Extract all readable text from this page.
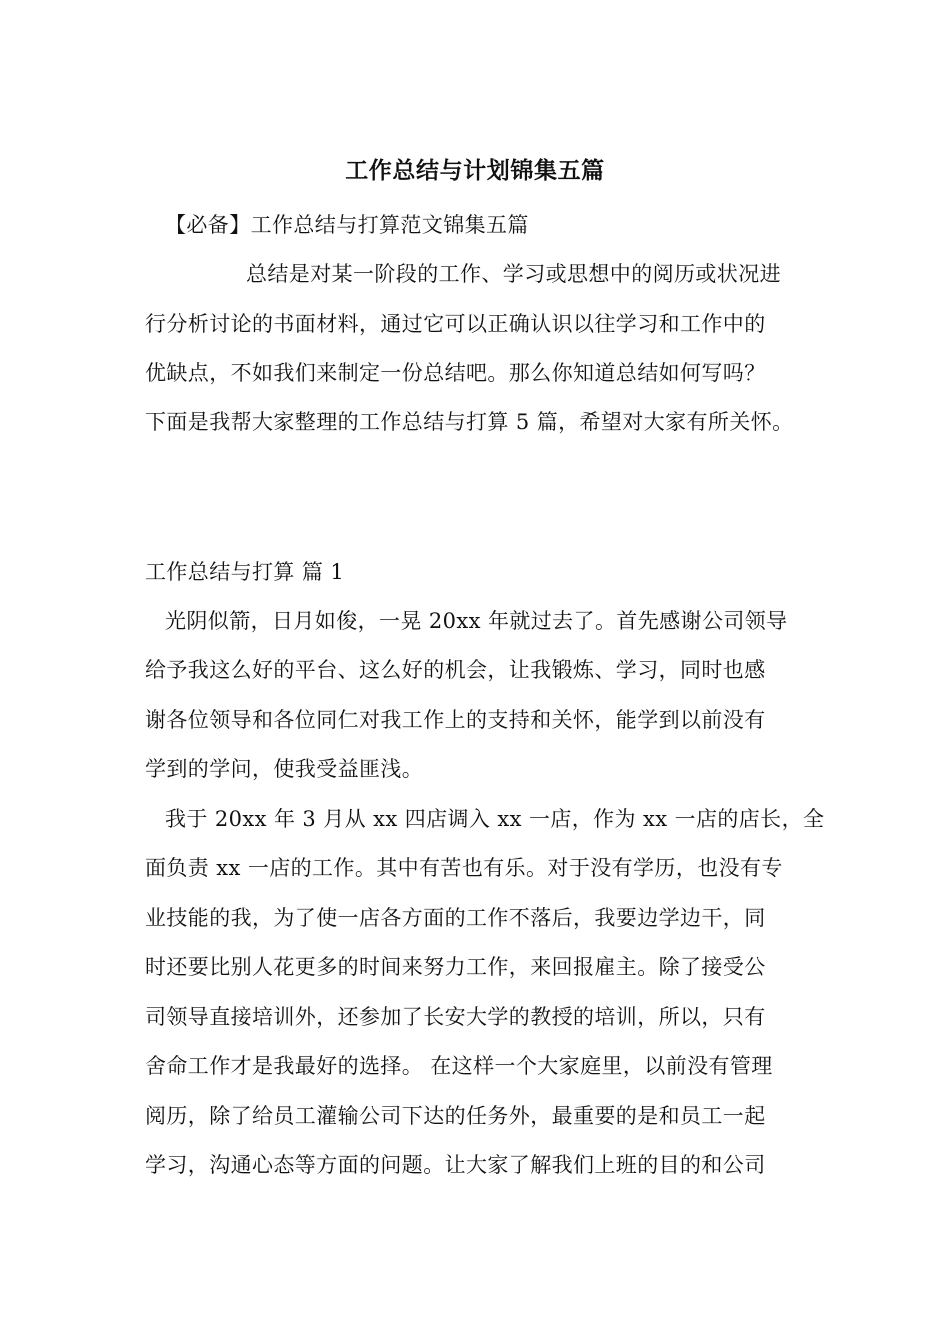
工作总结与计划锦集五篇
【必备】工作总结与打算范文锦集五篇
总结是对某一阶段的工作、学习或思想中的阅历或状况进
行分析讨论的书面材料，通过它可以正确认识以往学习和工作中的
优缺点，不如我们来制定一份总结吧。那么你知道总结如何写吗？
下面是我帮大家整理的工作总结与打算 5 篇，希望对大家有所关怀。
工作总结与打算 篇 1
光阴似箭，日月如俊，一晃 20xx 年就过去了。首先感谢公司领导
给予我这么好的平台、这么好的机会，让我锻炼、学习，同时也感
谢各位领导和各位同仁对我工作上的支持和关怀，能学到以前没有
学到的学问，使我受益匪浅。
我于 20xx 年 3 月从 xx 四店调入 xx 一店，作为 xx 一店的店长，全
面负责 xx 一店的工作。其中有苦也有乐。对于没有学历，也没有专
业技能的我，为了使一店各方面的工作不落后，我要边学边干，同
时还要比别人花更多的时间来努力工作，来回报雇主。除了接受公
司领导直接培训外，还参加了长安大学的教授的培训，所以，只有
舍命工作才是我最好的选择。 在这样一个大家庭里，以前没有管理
阅历，除了给员工灌输公司下达的任务外，最重要的是和员工一起
学习，沟通心态等方面的问题。让大家了解我们上班的目的和公司
